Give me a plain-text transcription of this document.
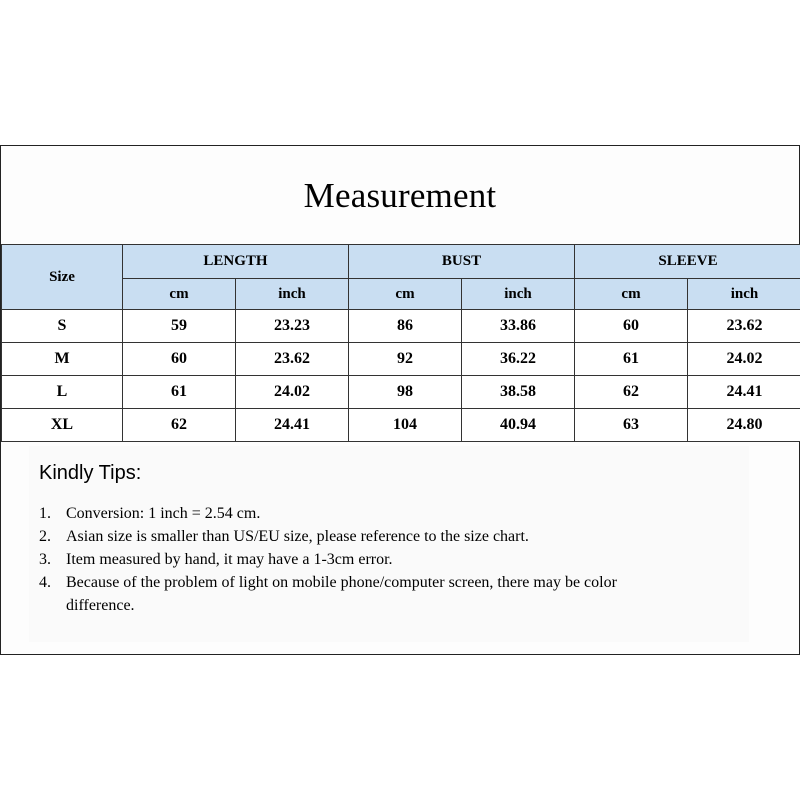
Measurement
Size	LENGTH		BUST		SLEEVE	
	cm	inch	cm	inch	cm	inch
S	59	23.23	86	33.86	60	23.62
M	60	23.62	92	36.22	61	24.02
L	61	24.02	98	38.58	62	24.41
XL	62	24.41	104	40.94	63	24.80
Kindly Tips:
1. Conversion: 1 inch = 2.54 cm.
2. Asian size is smaller than US/EU size, please reference to the size chart.
3. Item measured by hand, it may have a 1-3cm error.
4. Because of the problem of light on mobile phone/computer screen, there may be color difference.
